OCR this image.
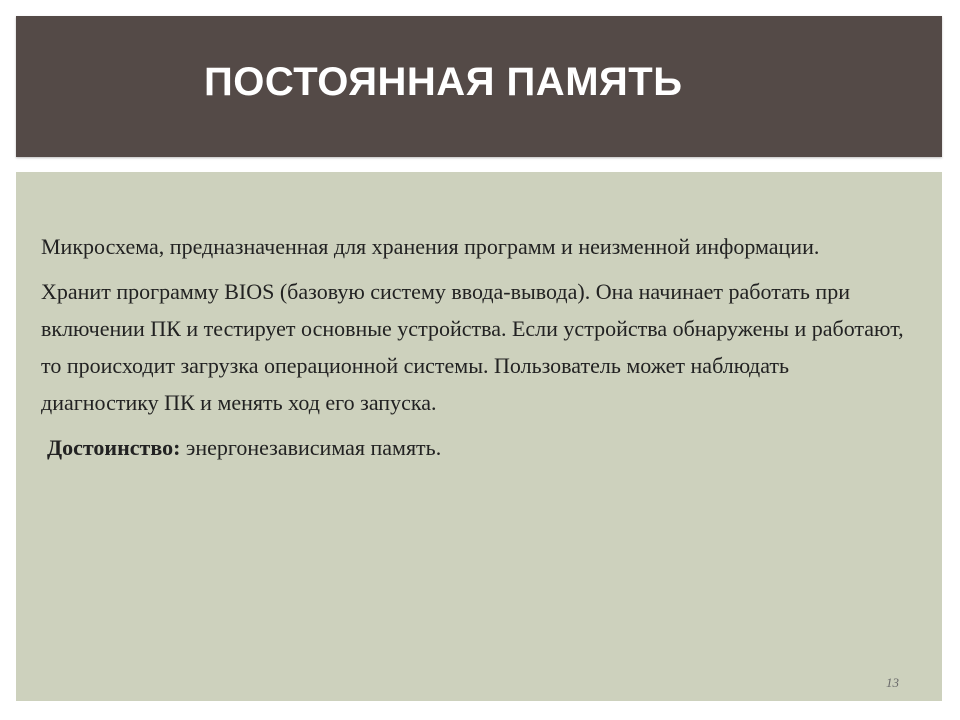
ПОСТОЯННАЯ ПАМЯТЬ

Микросхема, предназначенная для хранения программ и неизменной информации.

Хранит программу BIOS (базовую систему ввода-вывода). Она начинает работать при включении ПК и тестирует основные устройства. Если устройства обнаружены и работают, то происходит загрузка операционной системы. Пользователь может наблюдать диагностику ПК и менять ход его запуска.

Достоинство: энергонезависимая память.

13
